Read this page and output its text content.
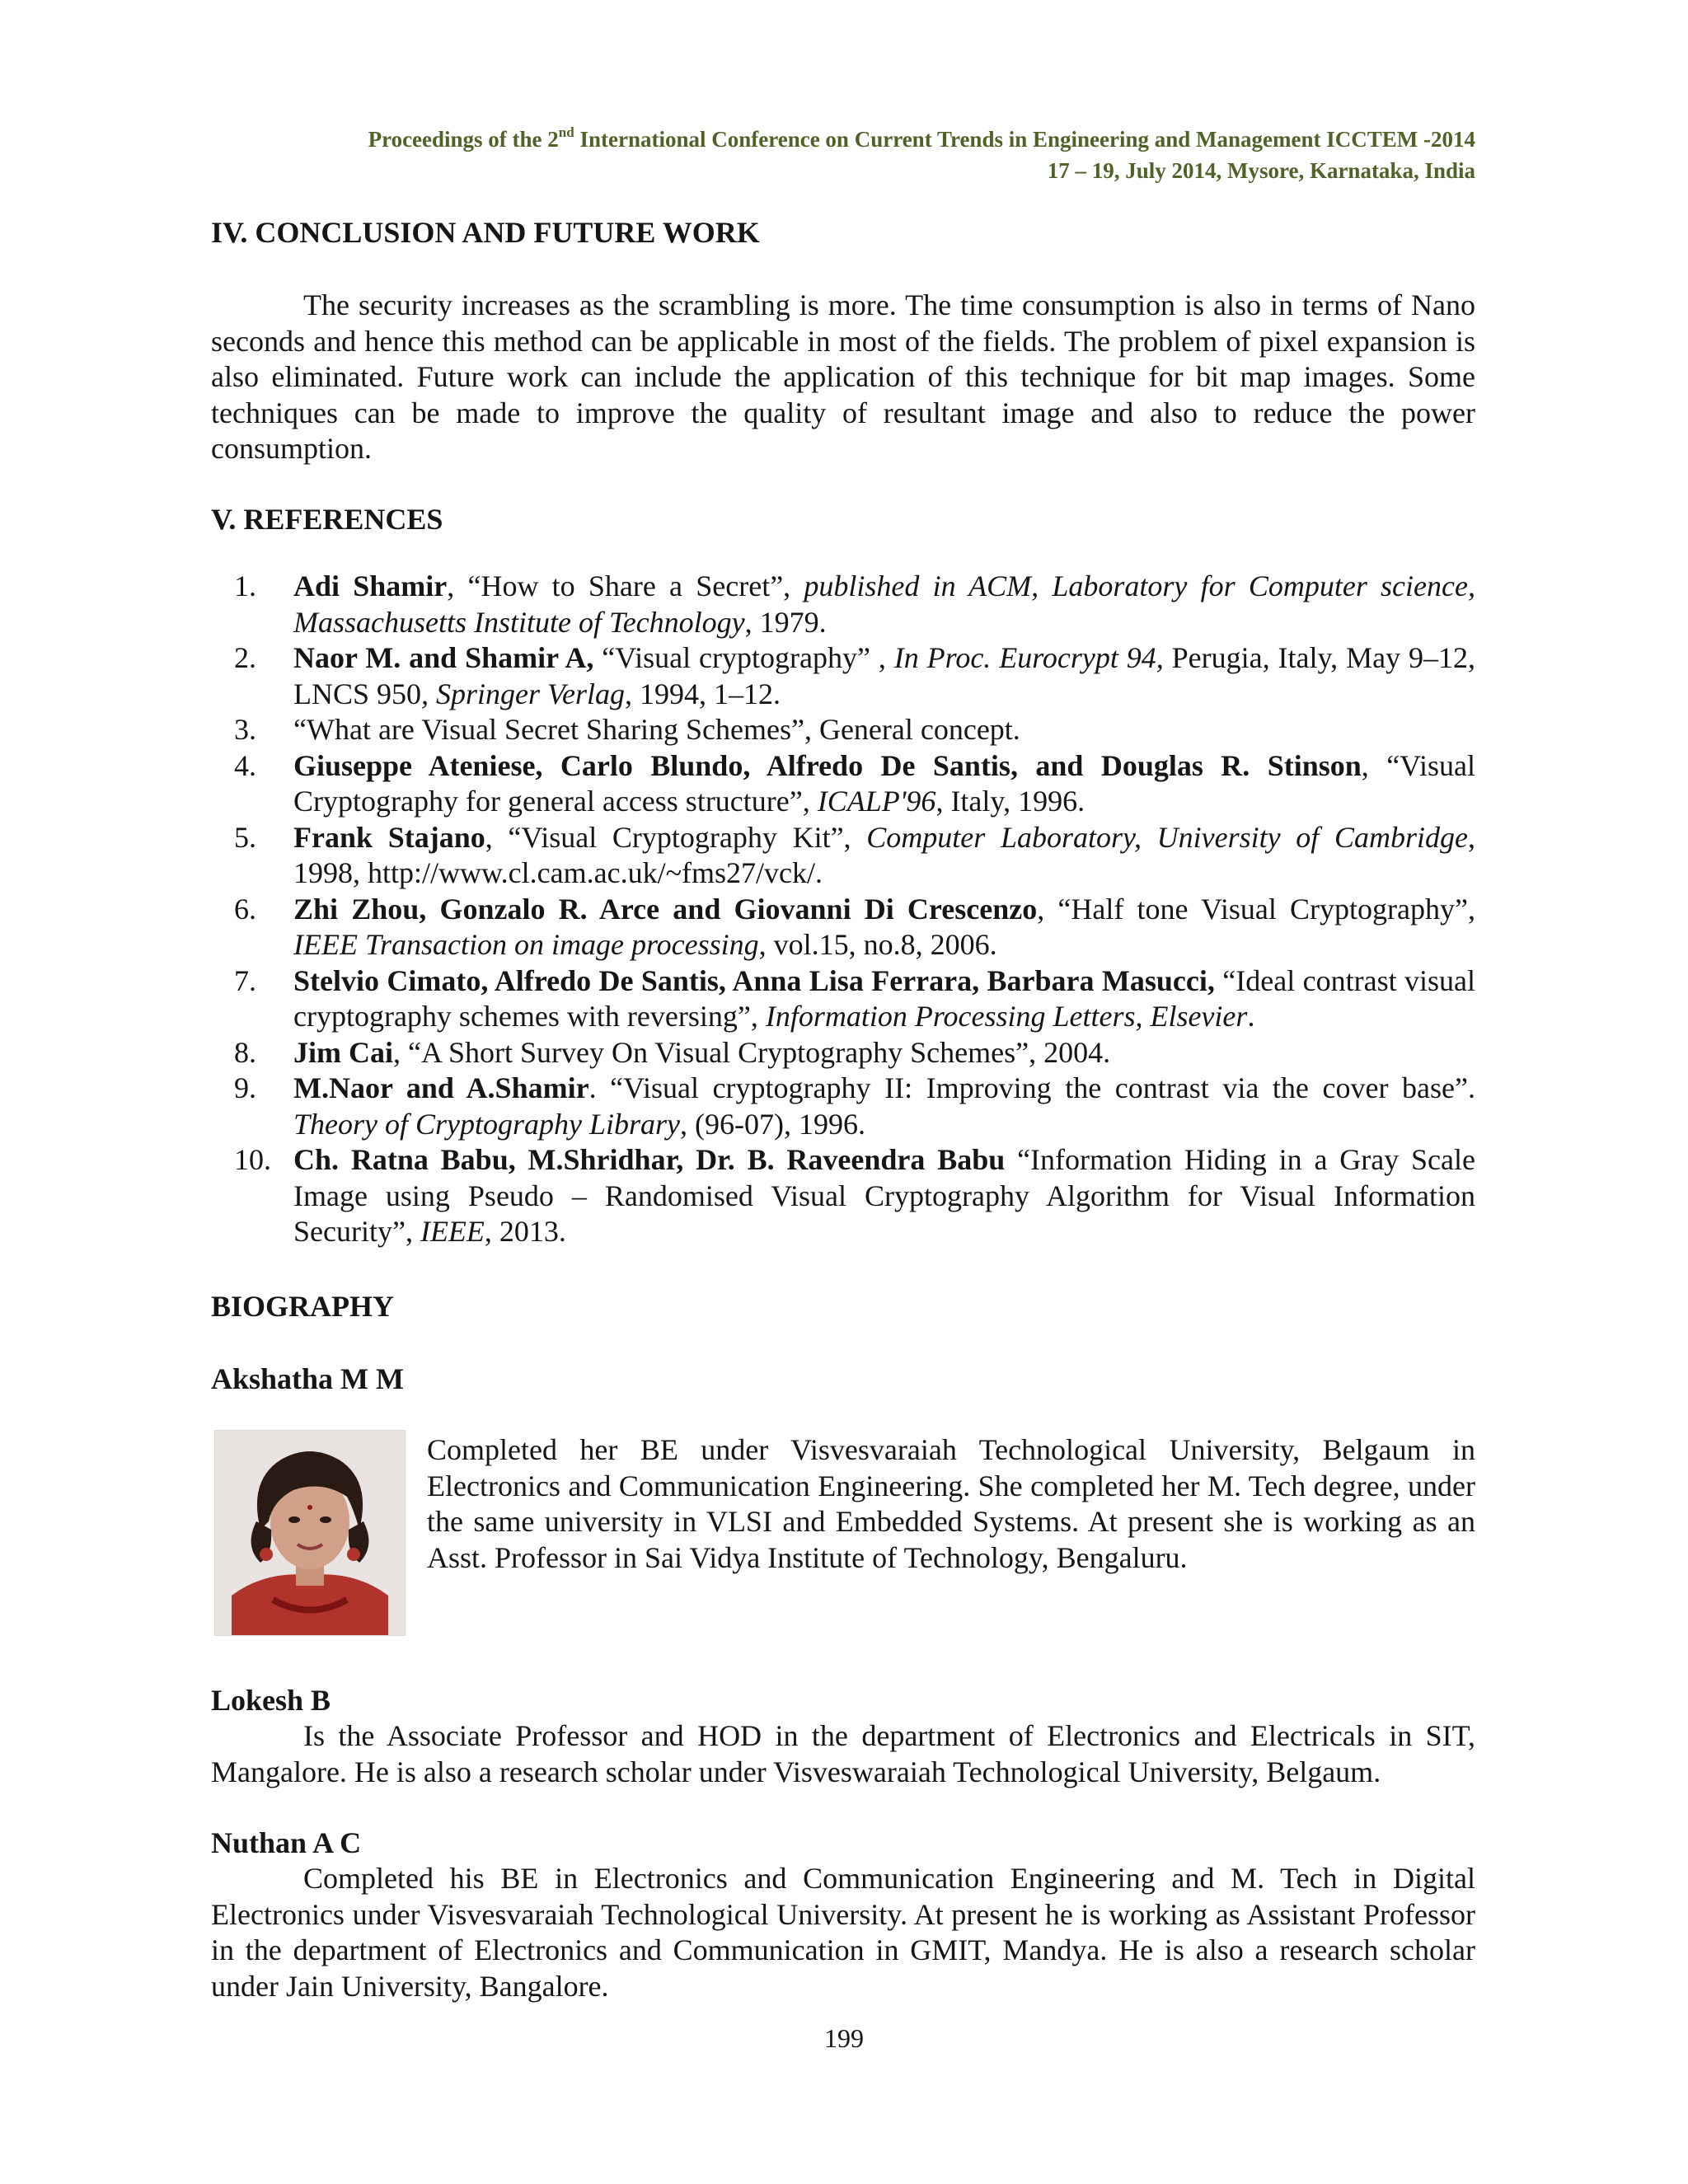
Proceedings of the 2nd International Conference on Current Trends in Engineering and Management ICCTEM -2014
17 – 19, July 2014, Mysore, Karnataka, India
IV. CONCLUSION AND FUTURE WORK

The security increases as the scrambling is more. The time consumption is also in terms of Nano seconds and hence this method can be applicable in most of the fields. The problem of pixel expansion is also eliminated. Future work can include the application of this technique for bit map images. Some techniques can be made to improve the quality of resultant image and also to reduce the power consumption.

V. REFERENCES
1. Adi Shamir, “How to Share a Secret”, published in ACM, Laboratory for Computer science, Massachusetts Institute of Technology, 1979.
2. Naor M. and Shamir A, “Visual cryptography” , In Proc. Eurocrypt 94, Perugia, Italy, May 9–12, LNCS 950, Springer Verlag, 1994, 1–12.
3. “What are Visual Secret Sharing Schemes”, General concept.
4. Giuseppe Ateniese, Carlo Blundo, Alfredo De Santis, and Douglas R. Stinson, “Visual Cryptography for general access structure”, ICALP'96, Italy, 1996.
5. Frank Stajano, “Visual Cryptography Kit”, Computer Laboratory, University of Cambridge, 1998, http://www.cl.cam.ac.uk/~fms27/vck/.
6. Zhi Zhou, Gonzalo R. Arce and Giovanni Di Crescenzo, “Half tone Visual Cryptography”, IEEE Transaction on image processing, vol.15, no.8, 2006.
7. Stelvio Cimato, Alfredo De Santis, Anna Lisa Ferrara, Barbara Masucci, “Ideal contrast visual cryptography schemes with reversing”, Information Processing Letters, Elsevier.
8. Jim Cai, “A Short Survey On Visual Cryptography Schemes”, 2004.
9. M.Naor and A.Shamir. “Visual cryptography II: Improving the contrast via the cover base”. Theory of Cryptography Library, (96-07), 1996.
10. Ch. Ratna Babu, M.Shridhar, Dr. B. Raveendra Babu “Information Hiding in a Gray Scale Image using Pseudo – Randomised Visual Cryptography Algorithm for Visual Information Security”, IEEE, 2013.
BIOGRAPHY
Akshatha M M

Completed her BE under Visvesvaraiah Technological University, Belgaum in Electronics and Communication Engineering. She completed her M. Tech degree, under the same university in VLSI and Embedded Systems. At present she is working as an Asst. Professor in Sai Vidya Institute of Technology, Bengaluru.

Lokesh B

Is the Associate Professor and HOD in the department of Electronics and Electricals in SIT, Mangalore. He is also a research scholar under Visveswaraiah Technological University, Belgaum.

Nuthan A C

Completed his BE in Electronics and Communication Engineering and M. Tech in Digital Electronics under Visvesvaraiah Technological University. At present he is working as Assistant Professor in the department of Electronics and Communication in GMIT, Mandya. He is also a research scholar under Jain University, Bangalore.

199
